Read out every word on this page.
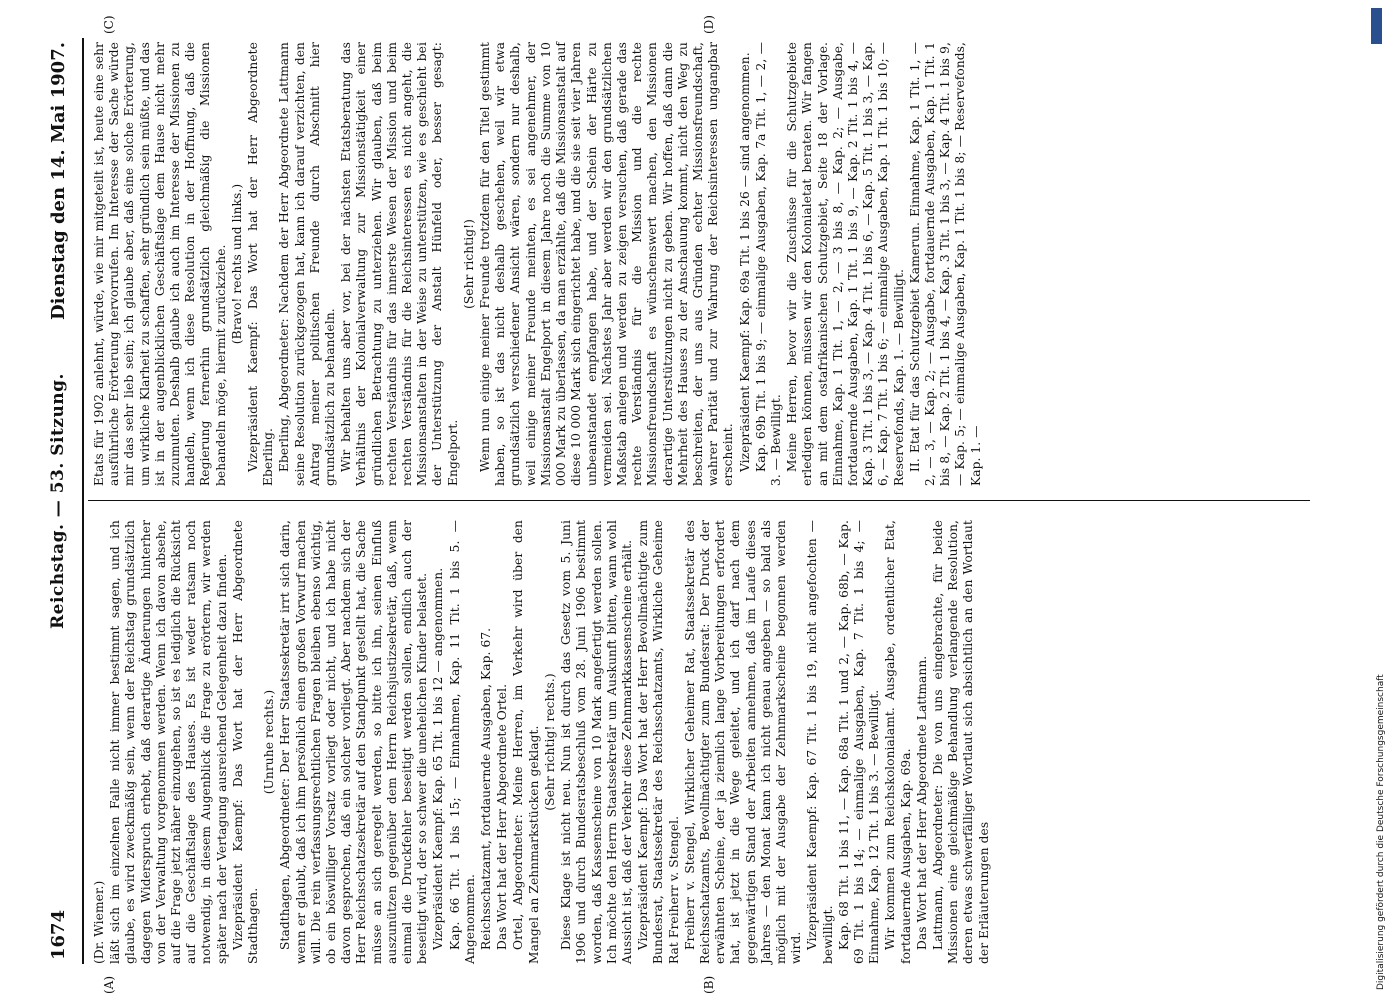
1674
Reichstag. — 53. Sitzung.
Dienstag den 14. Mai 1907.

(Dr. Wiemer.) läßt sich im einzelnen Falle nicht immer bestimmt sagen, und ich glaube, es wird zweckmäßig sein, wenn der Reichstag grundsätzlich dagegen Widerspruch erhebt, daß derartige Änderungen hinterher von der Verwaltung vorgenommen werden. Wenn ich davon absehe, auf die Frage jetzt näher einzugehen, so ist es lediglich die Rücksicht auf die Geschäftslage des Hauses. Es ist weder ratsam noch notwendig, in diesem Augenblick die Frage zu erörtern, wir werden später nach der Vertagung ausreichend Gelegenheit dazu finden. Vizepräsident Kaempf: Das Wort hat der Herr Abgeordnete Stadthagen.

(Unruhe rechts.) Stadthagen, Abgeordneter: Der Herr Staatssekretär irrt sich darin, wenn er glaubt, daß ich ihm persönlich einen großen Vorwurf machen will. Die rein verfassungsrechtlichen Fragen bleiben ebenso wichtig, ob ein böswilliger Vorsatz vorliegt oder nicht, und ich habe nicht davon gesprochen, daß ein solcher vorliegt. Aber nachdem sich der Herr Reichsschatzsekretär auf den Standpunkt gestellt hat, die Sache müsse an sich geregelt werden, so bitte ich ihn, seinen Einfluß auszunützen gegenüber dem Herrn Reichsjustizsekretär, daß, wenn einmal die Druckfehler beseitigt werden sollen, endlich auch der beseitigt wird, der so schwer die unehelichen Kinder belastet. Vizepräsident Kaempf: Kap. 65 Tit. 1 bis 12 — angenommen. Kap. 66 Tit. 1 bis 15; — Einnahmen, Kap. 11 Tit. 1 bis 5. — Angenommen. Reichsschatzamt, fortdauernde Ausgaben, Kap. 67. Das Wort hat der Herr Abgeordnete Ortel. Ortel, Abgeordneter: Meine Herren, im Verkehr wird über den Mangel an Zehnmarkstücken geklagt. (Sehr richtig! rechts.) Diese Klage ist nicht neu. Nun ist durch das Gesetz vom 5. Juni 1906 und durch Bundesratsbeschluß vom 28. Juni 1906 bestimmt worden, daß Kassenscheine von 10 Mark angefertigt werden sollen. Ich möchte den Herrn Staatssekretär um Auskunft bitten, wann wohl Aussicht ist, daß der Verkehr diese Zehnmarkkassenscheine erhält. Vizepräsident Kaempf: Das Wort hat der Herr Bevollmächtigte zum Bundesrat, Staatssekretär des Reichsschatzamts, Wirkliche Geheime Rat Freiherr v. Stengel. Freiherr v. Stengel, Wirklicher Geheimer Rat, Staatssekretär des Reichsschatzamts, Bevollmächtigter zum Bundesrat: Der Druck der erwähnten Scheine, der ja ziemlich lange Vorbereitungen erfordert hat, ist jetzt in die Wege geleitet, und ich darf nach dem gegenwärtigen Stand der Arbeiten annehmen, daß im Laufe dieses Jahres — den Monat kann ich nicht genau angeben — so bald als möglich mit der Ausgabe der Zehnmarkscheine begonnen werden wird. Vizepräsident Kaempf: Kap. 67 Tit. 1 bis 19, nicht angefochten — bewilligt. Kap. 68 Tit. 1 bis 11, — Kap. 68a Tit. 1 und 2, — Kap. 68b, — Kap. 69 Tit. 1 bis 14; — einmalige Ausgaben, Kap. 7 Tit. 1 bis 4; — Einnahme, Kap. 12 Tit. 1 bis 3. — Bewilligt. Wir kommen zum Reichskolonialamt. Ausgabe, ordentlicher Etat, fortdauernde Ausgaben, Kap. 69a. Das Wort hat der Herr Abgeordnete Lattmann. Lattmann, Abgeordneter: Die von uns eingebrachte, für beide Missionen eine gleichmäßige Behandlung verlangende Resolution, deren etwas schwerfälliger Wortlaut sich absichtlich an den Wortlaut der Erläuterungen des

Etats für 1902 anlehnt, würde, wie mir mitgeteilt ist, heute eine sehr ausführliche Erörterung hervorrufen. Im Interesse der Sache würde mir das sehr lieb sein; ich glaube aber, daß eine solche Erörterung, um wirkliche Klarheit zu schaffen, sehr gründlich sein müßte, und das ist in der augenblicklichen Geschäftslage dem Hause nicht mehr zuzumuten. Deshalb glaube ich auch im Interesse der Missionen zu handeln, wenn ich diese Resolution in der Hoffnung, daß die Regierung fernerhin grundsätzlich gleichmäßig die Missionen behandeln möge, hiermit zurückziehe. (Bravo! rechts und links.) Vizepräsident Kaempf: Das Wort hat der Herr Abgeordnete Eberling. Eberling, Abgeordneter: Nachdem der Herr Abgeordnete Lattmann seine Resolution zurückgezogen hat, kann ich darauf verzichten, den Antrag meiner politischen Freunde durch Abschnitt hier grundsätzlich zu behandeln. Wir behalten uns aber vor, bei der nächsten Etatsberatung das Verhältnis der Kolonialverwaltung zur Missionstätigkeit einer gründlichen Betrachtung zu unterziehen. Wir glauben, daß beim rechten Verständnis für das innerste Wesen der Mission und beim rechten Verständnis für die Reichsinteressen es nicht angeht, die Missionsanstalten in der Weise zu unterstützen, wie es geschieht bei der Unterstützung der Anstalt Hünfeld oder, besser gesagt: Engelport.

(Sehr richtig!) Wenn nun einige meiner Freunde trotzdem für den Titel gestimmt haben, so ist das nicht deshalb geschehen, weil wir etwa grundsätzlich verschiedener Ansicht wären, sondern nur deshalb, weil einige meiner Freunde meinten, es sei angenehmer, der Missionsanstalt Engelport in diesem Jahre noch die Summe von 10 000 Mark zu überlassen, da man erzählte, daß die Missionsanstalt auf diese 10 000 Mark sich eingerichtet habe, und die sie seit vier Jahren unbeanstandet empfangen habe, und der Schein der Härte zu vermeiden sei. Nächstes Jahr aber werden wir den grundsätzlichen Maßstab anlegen und werden zu zeigen versuchen, daß gerade das rechte Verständnis für die Mission und die rechte Missionsfreundschaft es wünschenswert machen, den Missionen derartige Unterstützungen nicht zu geben. Wir hoffen, daß dann die Mehrheit des Hauses zu der Anschauung kommt, nicht den Weg zu beschreiten, der uns aus Gründen echter Missionsfreundschaft, wahrer Parität und zur Wahrung der Reichsinteressen ungangbar erscheint. Vizepräsident Kaempf: Kap. 69a Tit. 1 bis 26 — sind angenommen. Kap. 69b Tit. 1 bis 9; — einmalige Ausgaben, Kap. 7a Tit. 1, — 2, — 3. — Bewilligt. Meine Herren, bevor wir die Zuschüsse für die Schutzgebiete erledigen können, müssen wir den Kolonialetat beraten. Wir fangen an mit dem ostafrikanischen Schutzgebiet, Seite 18 der Vorlage. Einnahme, Kap. 1 Tit. 1, — 2, — 3 bis 8, — Kap. 2; — Ausgabe, fortdauernde Ausgaben, Kap. 1 Tit. 1 bis 9, — Kap. 2 Tit. 1 bis 4, — Kap. 3 Tit. 1 bis 3, — Kap. 4 Tit. 1 bis 6, — Kap. 5 Tit. 1 bis 3, — Kap. 6, — Kap. 7 Tit. 1 bis 6; — einmalige Ausgaben, Kap. 1 Tit. 1 bis 10; — Reservefonds, Kap. 1. — Bewilligt. II. Etat für das Schutzgebiet Kamerun. Einnahme, Kap. 1 Tit. 1, — 2, — 3, — Kap. 2; — Ausgabe, fortdauernde Ausgaben, Kap. 1 Tit. 1 bis 8, — Kap. 2 Tit. 1 bis 4, — Kap. 3 Tit. 1 bis 3, — Kap. 4 Tit. 1 bis 9, — Kap. 5; — einmalige Ausgaben, Kap. 1 Tit. 1 bis 8; — Reservefonds, Kap. 1. —

(A)	(B)
(C)	(D)	DFG
Digitalisierung gefördert durch die Deutsche Forschungsgemeinschaft
